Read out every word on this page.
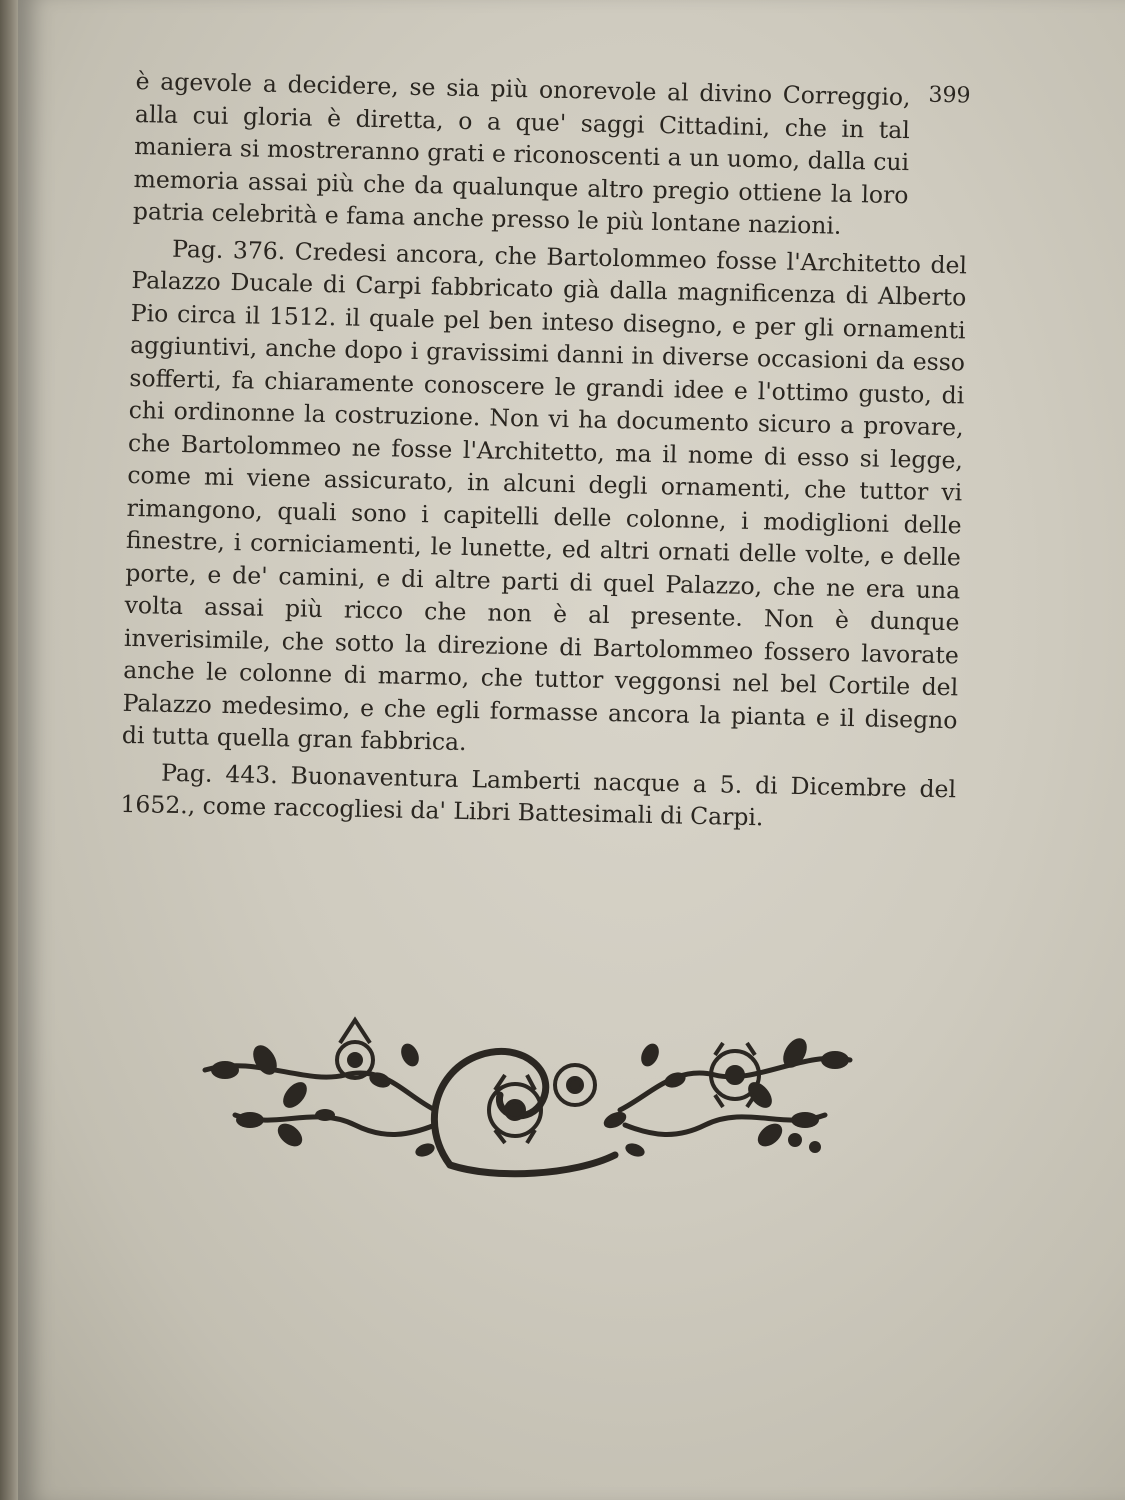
399

è agevole a decidere, se sia più onorevole al divino Correggio, alla cui gloria è diretta, o a que' saggi Cittadini, che in tal maniera si mostreranno grati e riconoscenti a un uomo, dalla cui memoria assai più che da qualunque altro pregio ottiene la loro patria celebrità e fama anche presso le più lontane nazioni.

Pag. 376. Credesi ancora, che Bartolommeo fosse l'Architetto del Palazzo Ducale di Carpi fabbricato già dalla magnificenza di Alberto Pio circa il 1512. il quale pel ben inteso disegno, e per gli ornamenti aggiuntivi, anche dopo i gravissimi danni in diverse occasioni da esso sofferti, fa chiaramente conoscere le grandi idee e l'ottimo gusto, di chi ordinonne la costruzione. Non vi ha documento sicuro a provare, che Bartolommeo ne fosse l'Architetto, ma il nome di esso si legge, come mi viene assicurato, in alcuni degli ornamenti, che tuttor vi rimangono, quali sono i capitelli delle colonne, i modiglioni delle finestre, i corniciamenti, le lunette, ed altri ornati delle volte, e delle porte, e de' camini, e di altre parti di quel Palazzo, che ne era una volta assai più ricco che non è al presente. Non è dunque inverisimile, che sotto la direzione di Bartolommeo fossero lavorate anche le colonne di marmo, che tuttor veggonsi nel bel Cortile del Palazzo medesimo, e che egli formasse ancora la pianta e il disegno di tutta quella gran fabbrica.

Pag. 443. Buonaventura Lamberti nacque a 5. di Dicembre del 1652., come raccogliesi da' Libri Battesimali di Carpi.
